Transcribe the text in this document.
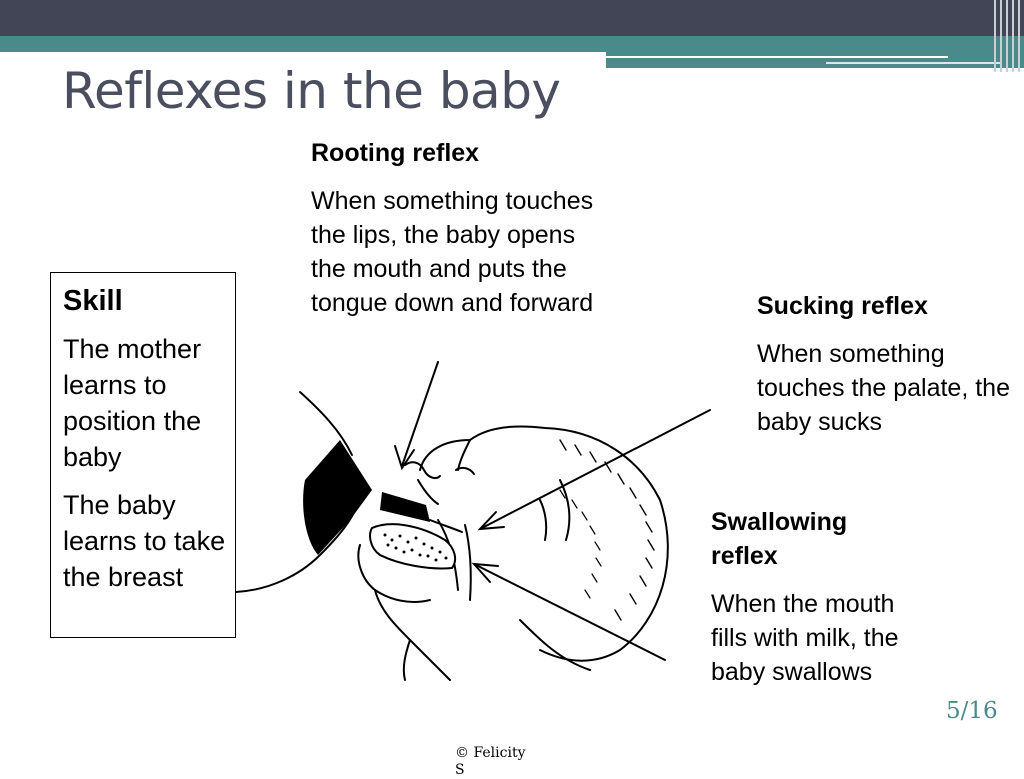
Reflexes in the baby
Rooting reflex

When something touches the lips, the baby opens the mouth and puts the tongue down and forward	Sucking reflex

When something touches the palate, the baby sucks

Swallowing reflex

When the mouth fills with milk, the baby swallows

Skill

The mother learns to position the baby

The baby learns to take the breast

5/16
© Felicity S
